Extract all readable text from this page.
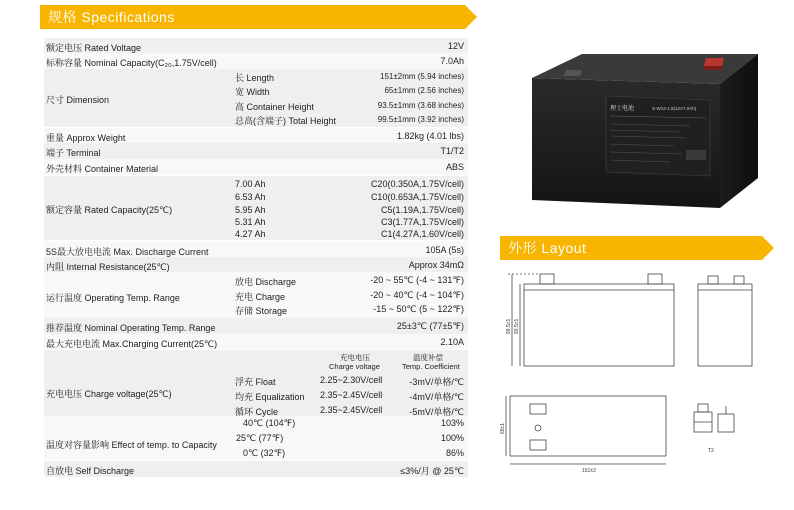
规格 Specifications
外形 Layout
额定电压 Rated Voltage	12V
标称容量 Nominal Capacity(C₂₀,1.75V/cell)	7.0Ah
尺寸 Dimension
长 Length	151±2mm (5.94 inches)
宽 Width	65±1mm (2.56 inches)
高 Container Height	93.5±1mm (3.68 inches)
总高(含端子) Total Height	99.5±1mm (3.92 inches)
重量 Approx Weight	1.82kg (4.01 lbs)
端子 Terminal	T1/T2
外壳材料 Container Material	ABS
额定容量 Rated Capacity(25℃)
7.00 Ah	C20(0.350A,1.75V/cell)
6.53 Ah	C10(0.653A,1.75V/cell)
5.95 Ah	C5(1.19A,1.75V/cell)
5.31 Ah	C3(1.77A,1.75V/cell)
4.27 Ah	C1(4.27A,1.60V/cell)
5S最大放电电流 Max. Discharge Current	105A (5s)
内阻 Internal Resistance(25℃)	Approx 34mΩ
运行温度 Operating Temp. Range
放电 Discharge	-20 ~ 55℃ (-4 ~ 131℉)
充电 Charge	-20 ~ 40℃ (-4 ~ 104℉)
存储 Storage	-15 ~ 50℃ (5 ~ 122℉)
推荐温度 Nominal Operating Temp. Range	25±3℃ (77±5℉)
最大充电电流 Max.Charging Current(25℃)	2.10A
充电电压 Charge voltage(25℃)
充电电压
Charge voltage
温度补偿
Temp. Coefficient
浮充 Float	2.25~2.30V/cell	-3mV/单格/℃
均充 Equalization 2.35~2.45V/cell	-4mV/单格/℃
循环 Cycle	2.35~2.45V/cell	-5mV/单格/℃
温度对容量影响 Effect of temp. to Capacity
40℃ (104℉)	103%
25℃ (77℉)	100%
0℃ (32℉)	86%
自放电 Self Discharge	≤3%/月 @ 25℃
理士电池	S-W12-1.8(12V7.0Ah)
99.5±1 93.5±1
65±1
151±2
T2
